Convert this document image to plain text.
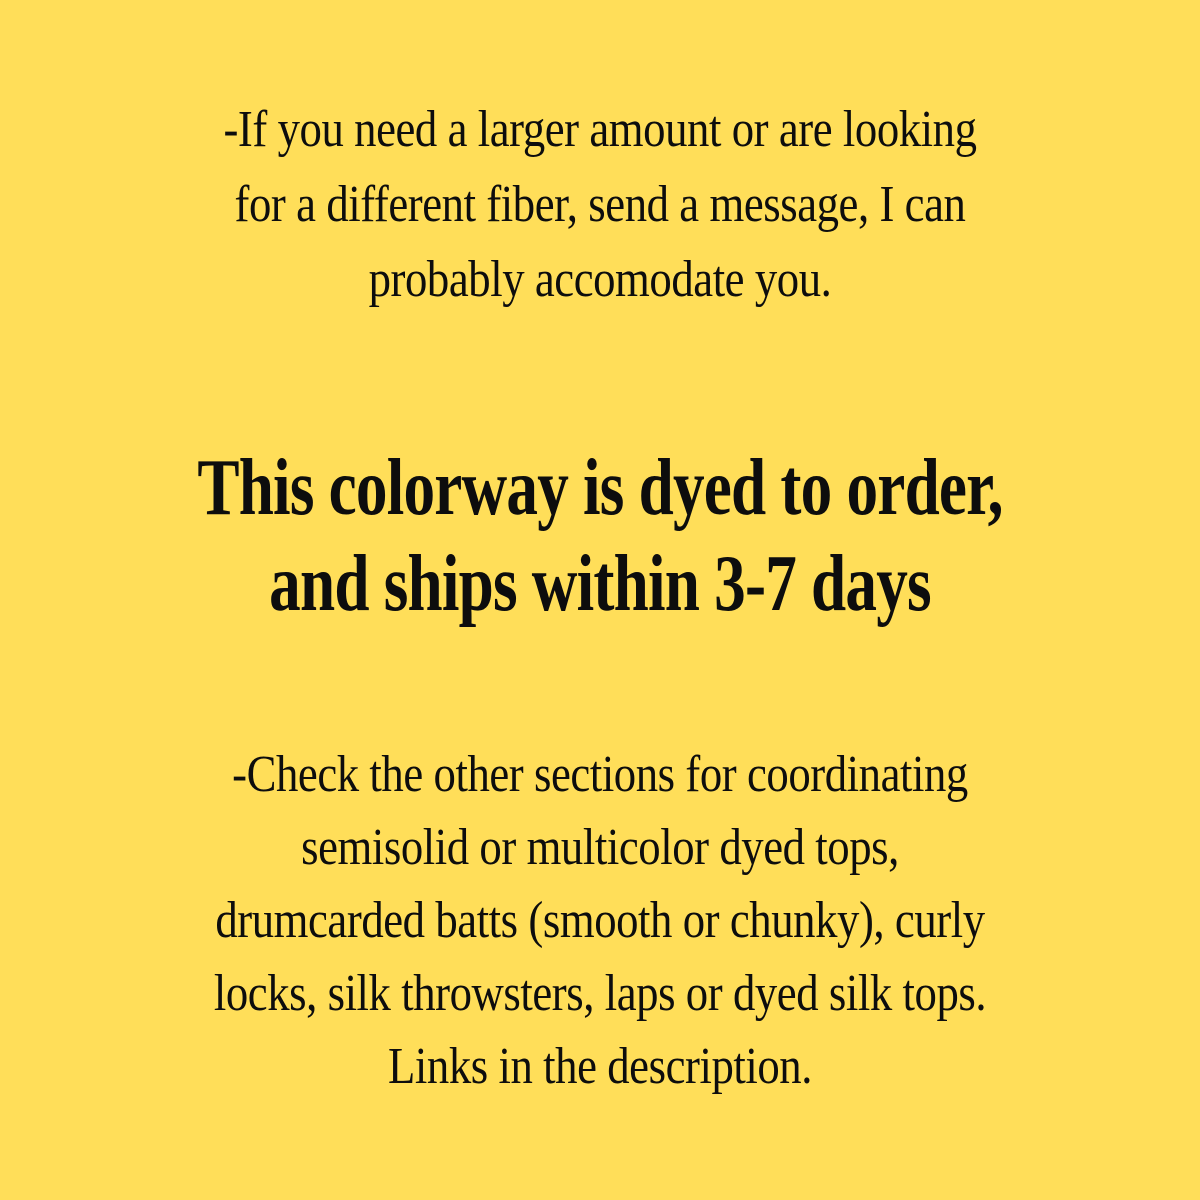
-If you need a larger amount or are looking
for a different fiber, send a message, I can
probably accomodate you.
This colorway is dyed to order,
and ships within 3-7 days
-Check the other sections for coordinating
semisolid or multicolor dyed tops,
drumcarded batts (smooth or chunky), curly
locks, silk throwsters, laps or dyed silk tops.
Links in the description.
